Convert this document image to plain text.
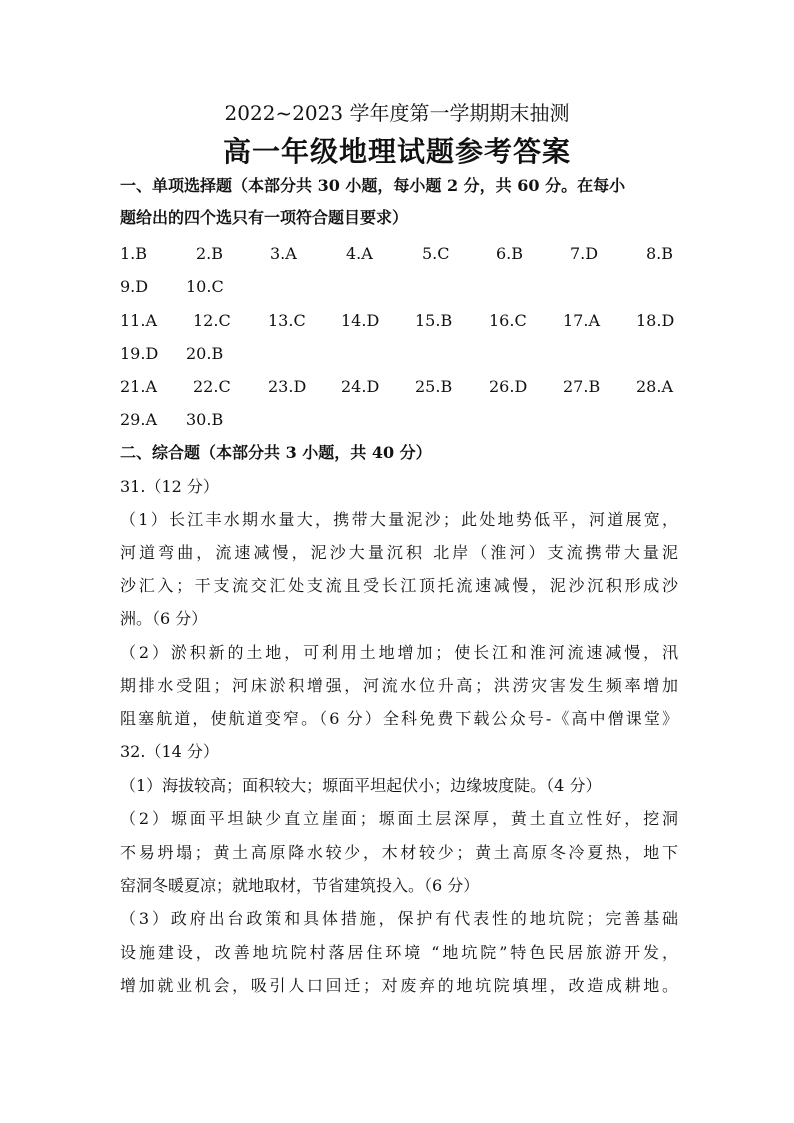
2022~2023 学年度第一学期期末抽测
高一年级地理试题参考答案
一、单项选择题（本部分共 30 小题，每小题 2 分，共 60 分。在每小
题给出的四个选只有一项符合题目要求）
1.B	2.B	3.A	4.A	5.C	6.B	7.D	8.B
9.D 10.C
11.A 12.C 13.C 14.D 15.B 16.C 17.A 18.D
19.D 20.B
21.A 22.C 23.D 24.D 25.B 26.D 27.B 28.A
29.A 30.B
二、综合题（本部分共 3 小题，共 40 分）
31.（12 分）
（1）长江丰水期水量大，携带大量泥沙；此处地势低平，河道展宽，
河道弯曲，流速减慢，泥沙大量沉积 北岸（淮河）支流携带大量泥
沙汇入；干支流交汇处支流且受长江顶托流速减慢，泥沙沉积形成沙
洲。（6 分）
（2）淤积新的土地，可利用土地增加；使长江和淮河流速减慢，汛
期排水受阻；河床淤积增强，河流水位升高；洪涝灾害发生频率增加
阻塞航道，使航道变窄。（6 分）全科免费下载公众号-《高中僧课堂》
32.（14 分）
（1）海拔较高；面积较大；塬面平坦起伏小；边缘坡度陡。（4 分）
（2）塬面平坦缺少直立崖面；塬面土层深厚，黄土直立性好，挖洞
不易坍塌；黄土高原降水较少，木材较少；黄土高原冬冷夏热，地下
窑洞冬暖夏凉；就地取材，节省建筑投入。（6 分）
（3）政府出台政策和具体措施，保护有代表性的地坑院；完善基础
设施建设，改善地坑院村落居住环境 “地坑院”特色民居旅游开发，
增加就业机会，吸引人口回迁；对废弃的地坑院填埋，改造成耕地。
